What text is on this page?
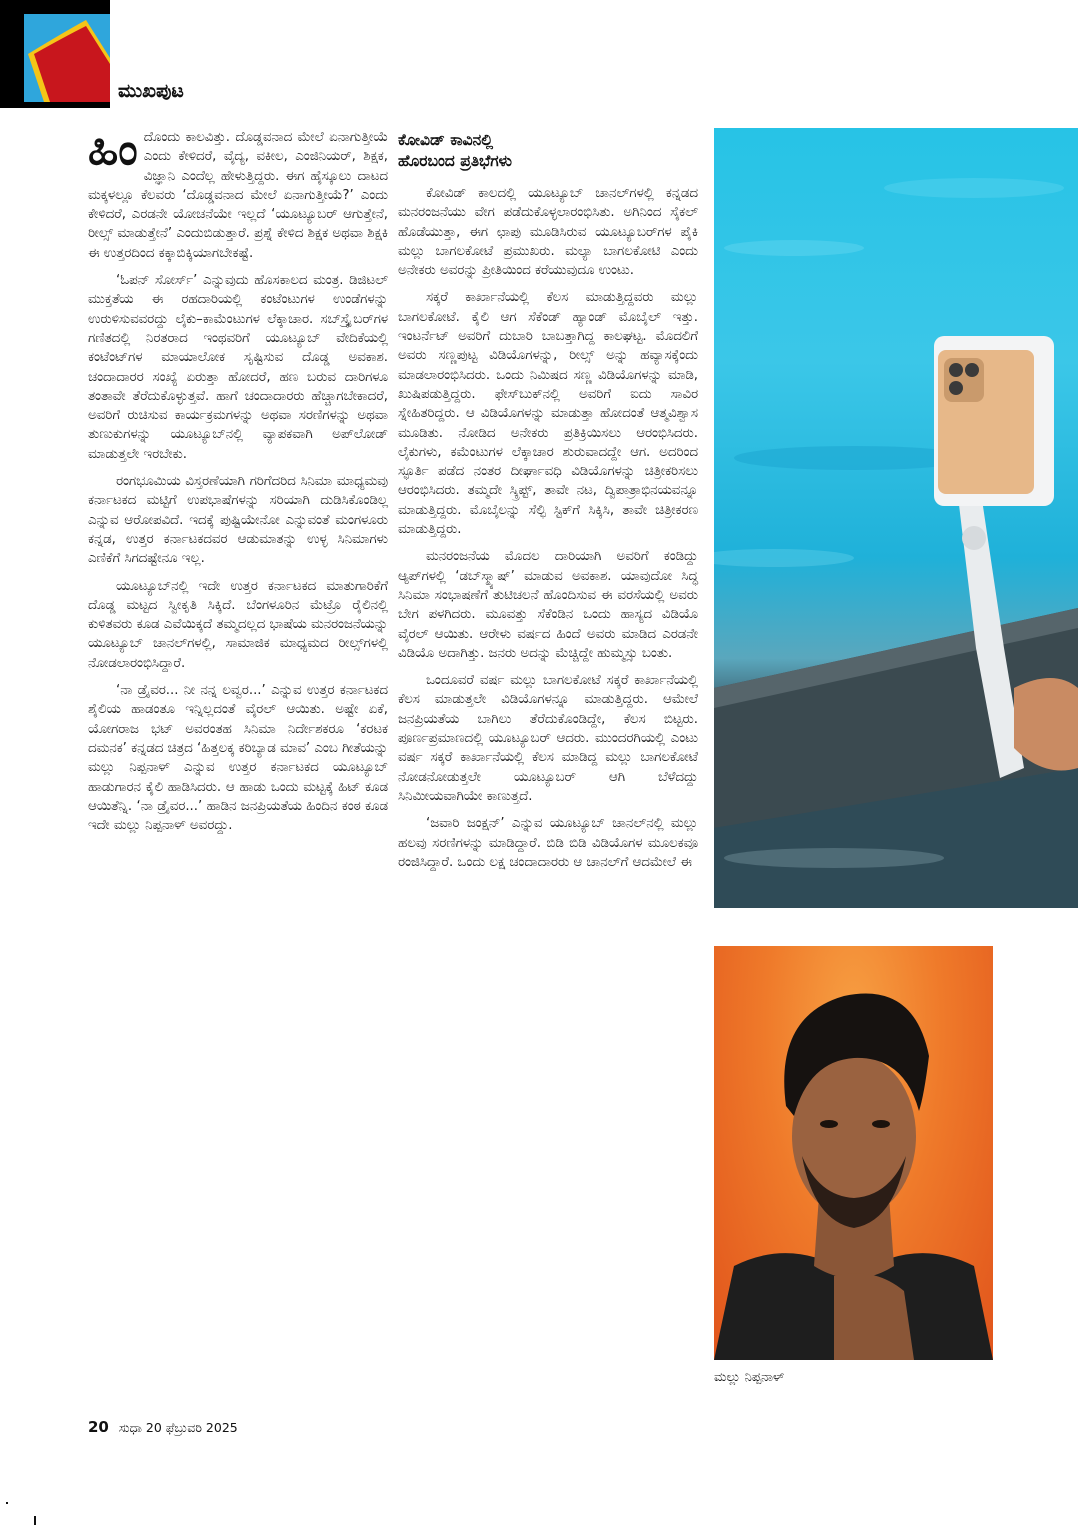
ಮುಖಪುಟ

ಹಿಂ ದೊಂದು ಕಾಲವಿತ್ತು. ದೊಡ್ಡವನಾದ ಮೇಲೆ ಏನಾಗುತ್ತೀಯೆ ಎಂದು ಕೇಳಿದರೆ, ವೈದ್ಯ, ವಕೀಲ, ಎಂಜಿನಿಯರ್, ಶಿಕ್ಷಕ, ವಿಜ್ಞಾನಿ ಎಂದೆಲ್ಲ ಹೇಳುತ್ತಿದ್ದರು. ಈಗ ಹೈಸ್ಕೂಲು ದಾಟದ ಮಕ್ಕಳಲ್ಲೂ ಕೆಲವರು ‘ದೊಡ್ಡವನಾದ ಮೇಲೆ ಏನಾಗುತ್ತೀಯೆ?’ ಎಂದು ಕೇಳಿದರೆ, ಎರಡನೇ ಯೋಚನೆಯೇ ಇಲ್ಲದೆ ‘ಯೂಟ್ಯೂಬರ್ ಆಗುತ್ತೇನೆ, ರೀಲ್ಸ್ ಮಾಡುತ್ತೇನೆ’ ಎಂದುಬಿಡುತ್ತಾರೆ. ಪ್ರಶ್ನೆ ಕೇಳಿದ ಶಿಕ್ಷಕ ಅಥವಾ ಶಿಕ್ಷಕಿ ಈ ಉತ್ತರದಿಂದ ಕಕ್ಕಾಬಿಕ್ಕಿಯಾಗಬೇಕಷ್ಟೆ.

‘ಓಪನ್ ಸೋರ್ಸ್’ ಎನ್ನುವುದು ಹೊಸಕಾಲದ ಮಂತ್ರ. ಡಿಜಿಟಲ್ ಮುಕ್ತತೆಯ ಈ ರಹದಾರಿಯಲ್ಲಿ ಕಂಟೆಂಟುಗಳ ಉಂಡೆಗಳನ್ನು ಉರುಳಿಸುವವರದ್ದು ಲೈಕು–ಕಾಮೆಂಟುಗಳ ಲೆಕ್ಕಾಚಾರ. ಸಬ್‌ಸ್ಕ್ರೈಬರ್‌ಗಳ ಗಣಿತದಲ್ಲಿ ನಿರತರಾದ ಇಂಥವರಿಗೆ ಯೂಟ್ಯೂಬ್ ವೇದಿಕೆಯಲ್ಲಿ ಕಂಟೆಂಟ್‌ಗಳ ಮಾಯಾಲೋಕ ಸೃಷ್ಟಿಸುವ ದೊಡ್ಡ ಅವಕಾಶ. ಚಂದಾದಾರರ ಸಂಖ್ಯೆ ಏರುತ್ತಾ ಹೋದರೆ, ಹಣ ಬರುವ ದಾರಿಗಳೂ ತಂತಾವೇ ತೆರೆದುಕೊಳ್ಳುತ್ತವೆ. ಹಾಗೆ ಚಂದಾದಾರರು ಹೆಚ್ಚಾಗಬೇಕಾದರೆ, ಅವರಿಗೆ ರುಚಿಸುವ ಕಾರ್ಯಕ್ರಮಗಳನ್ನು ಅಥವಾ ಸರಣಿಗಳನ್ನು ಅಥವಾ ತುಣುಕುಗಳನ್ನು ಯೂಟ್ಯೂಬ್‌ನಲ್ಲಿ ವ್ಯಾಪಕವಾಗಿ ಅಪ್‌ಲೋಡ್ ಮಾಡುತ್ತಲೇ ಇರಬೇಕು.

ರಂಗಭೂಮಿಯ ವಿಸ್ತರಣೆಯಾಗಿ ಗರಿಗೆದರಿದ ಸಿನಿಮಾ ಮಾಧ್ಯಮವು ಕರ್ನಾಟಕದ ಮಟ್ಟಿಗೆ ಉಪಭಾಷೆಗಳನ್ನು ಸರಿಯಾಗಿ ದುಡಿಸಿಕೊಂಡಿಲ್ಲ ಎನ್ನುವ ಆರೋಪವಿದೆ. ಇದಕ್ಕೆ ಪುಷ್ಟಿಯೇನೋ ಎನ್ನುವಂತೆ ಮಂಗಳೂರು ಕನ್ನಡ, ಉತ್ತರ ಕರ್ನಾಟಕದವರ ಆಡುಮಾತನ್ನು ಉಳ್ಳ ಸಿನಿಮಾಗಳು ಎಣಿಕೆಗೆ ಸಿಗದಷ್ಟೇನೂ ಇಲ್ಲ.

ಯೂಟ್ಯೂಬ್‌ನಲ್ಲಿ ಇದೇ ಉತ್ತರ ಕರ್ನಾಟಕದ ಮಾತುಗಾರಿಕೆಗೆ ದೊಡ್ಡ ಮಟ್ಟದ ಸ್ವೀಕೃತಿ ಸಿಕ್ಕಿದೆ. ಬೆಂಗಳೂರಿನ ಮೆಟ್ರೊ ರೈಲಿನಲ್ಲಿ ಕುಳಿತವರು ಕೂಡ ಎವೆಯಿಕ್ಕದೆ ತಮ್ಮದಲ್ಲದ ಭಾಷೆಯ ಮನರಂಜನೆಯನ್ನು ಯೂಟ್ಯೂಬ್ ಚಾನಲ್‌ಗಳಲ್ಲಿ, ಸಾಮಾಜಿಕ ಮಾಧ್ಯಮದ ರೀಲ್ಸ್‌ಗಳಲ್ಲಿ ನೋಡಲಾರಂಭಿಸಿದ್ದಾರೆ.

‘ನಾ ಡ್ರೈವರ... ನೀ ನನ್ನ ಲವ್ವರ...’ ಎನ್ನುವ ಉತ್ತರ ಕರ್ನಾಟಕದ ಶೈಲಿಯ ಹಾಡಂತೂ ಇನ್ನಿಲ್ಲದಂತೆ ವೈರಲ್ ಆಯಿತು. ಅಷ್ಟೇ ಏಕೆ, ಯೋಗರಾಜ ಭಟ್ ಅವರಂತಹ ಸಿನಿಮಾ ನಿರ್ದೇಶಕರೂ ‘ಕರಟಕ ದಮನಕ’ ಕನ್ನಡದ ಚಿತ್ರದ ‘ಹಿತ್ತಲಕ್ಕ ಕರಿಬ್ಯಾಡ ಮಾವ’ ಎಂಬ ಗೀತೆಯನ್ನು ಮಲ್ಲು ನಿಪ್ಪನಾಳ್ ಎನ್ನುವ ಉತ್ತರ ಕರ್ನಾಟಕದ ಯೂಟ್ಯೂಬ್ ಹಾಡುಗಾರನ ಕೈಲಿ ಹಾಡಿಸಿದರು. ಆ ಹಾಡು ಒಂದು ಮಟ್ಟಕ್ಕೆ ಹಿಟ್ ಕೂಡ ಆಯಿತೆನ್ನಿ. ‘ನಾ ಡ್ರೈವರ...’ ಹಾಡಿನ ಜನಪ್ರಿಯತೆಯ ಹಿಂದಿನ ಕಂಠ ಕೂಡ ಇದೇ ಮಲ್ಲು ನಿಪ್ಪನಾಳ್ ಅವರದ್ದು.

ಕೋವಿಡ್ ಕಾವಿನಲ್ಲಿ
ಹೊರಬಂದ ಪ್ರತಿಭೆಗಳು

ಕೋವಿಡ್ ಕಾಲದಲ್ಲಿ ಯೂಟ್ಯೂಬ್ ಚಾನಲ್‌ಗಳಲ್ಲಿ ಕನ್ನಡದ ಮನರಂಜನೆಯು ವೇಗ ಪಡೆದುಕೊಳ್ಳಲಾರಂಭಿಸಿತು. ಅಗಿನಿಂದ ಸೈಕಲ್ ಹೊಡೆಯುತ್ತಾ, ಈಗ ಛಾಪು ಮೂಡಿಸಿರುವ ಯೂಟ್ಯೂಬರ್‌ಗಳ ಪೈಕಿ ಮಲ್ಲು ಬಾಗಲಕೋಟೆ ಪ್ರಮುಖರು. ಮಲ್ಯಾ ಬಾಗಲಕೋಟಿ ಎಂದು ಅನೇಕರು ಅವರನ್ನು ಪ್ರೀತಿಯಿಂದ ಕರೆಯುವುದೂ ಉಂಟು.

ಸಕ್ಕರೆ ಕಾರ್ಖಾನೆಯಲ್ಲಿ ಕೆಲಸ ಮಾಡುತ್ತಿದ್ದವರು ಮಲ್ಲು ಬಾಗಲಕೋಟೆ. ಕೈಲಿ ಆಗ ಸೆಕೆಂಡ್ ಹ್ಯಾಂಡ್ ಮೊಬೈಲ್ ಇತ್ತು. ಇಂಟರ್ನೆಟ್ ಅವರಿಗೆ ದುಬಾರಿ ಬಾಬತ್ತಾಗಿದ್ದ ಕಾಲಘಟ್ಟ. ಮೊದಲಿಗೆ ಅವರು ಸಣ್ಣಪುಟ್ಟ ವಿಡಿಯೊಗಳನ್ನು, ರೀಲ್ಸ್ ಅನ್ನು ಹವ್ಯಾಸಕ್ಕೆಂದು ಮಾಡಲಾರಂಭಿಸಿದರು. ಒಂದು ನಿಮಿಷದ ಸಣ್ಣ ವಿಡಿಯೊಗಳನ್ನು ಮಾಡಿ, ಖುಷಿಪಡುತ್ತಿದ್ದರು. ಫೇಸ್‌ಬುಕ್‌ನಲ್ಲಿ ಅವರಿಗೆ ಐದು ಸಾವಿರ ಸ್ನೇಹಿತರಿದ್ದರು. ಆ ವಿಡಿಯೊಗಳನ್ನು ಮಾಡುತ್ತಾ ಹೋದಂತೆ ಆತ್ಮವಿಶ್ವಾಸ ಮೂಡಿತು. ನೋಡಿದ ಅನೇಕರು ಪ್ರತಿಕ್ರಿಯಿಸಲು ಆರಂಭಿಸಿದರು. ಲೈಕುಗಳು, ಕಮೆಂಟುಗಳ ಲೆಕ್ಕಾಚಾರ ಶುರುವಾದದ್ದೇ ಆಗ. ಅದರಿಂದ ಸ್ಫೂರ್ತಿ ಪಡೆದ ನಂತರ ದೀರ್ಘಾವಧಿ ವಿಡಿಯೊಗಳನ್ನು ಚಿತ್ರೀಕರಿಸಲು ಆರಂಭಿಸಿದರು. ತಮ್ಮದೇ ಸ್ಕ್ರಿಪ್ಟ್, ತಾವೇ ನಟ, ದ್ವಿಪಾತ್ರಾಭಿನಯವನ್ನೂ ಮಾಡುತ್ತಿದ್ದರು. ಮೊಬೈಲನ್ನು ಸೆಲ್ಫಿ ಸ್ಟಿಕ್‌ಗೆ ಸಿಕ್ಕಿಸಿ, ತಾವೇ ಚಿತ್ರೀಕರಣ ಮಾಡುತ್ತಿದ್ದರು.

ಮನರಂಜನೆಯ ಮೊದಲ ದಾರಿಯಾಗಿ ಅವರಿಗೆ ಕಂಡಿದ್ದು ಆ್ಯಪ್‌ಗಳಲ್ಲಿ ‘ಡಬ್‌ಸ್ಮ್ಯಾಷ್’ ಮಾಡುವ ಅವಕಾಶ. ಯಾವುದೋ ಸಿದ್ಧ ಸಿನಿಮಾ ಸಂಭಾಷಣೆಗೆ ತುಟಿಚಲನೆ ಹೊಂದಿಸುವ ಈ ವರಸೆಯಲ್ಲಿ ಅವರು ಬೇಗ ಪಳಗಿದರು. ಮೂವತ್ತು ಸೆಕೆಂಡಿನ ಒಂದು ಹಾಸ್ಯದ ವಿಡಿಯೊ ವೈರಲ್ ಆಯಿತು. ಆರೇಳು ವರ್ಷದ ಹಿಂದೆ ಅವರು ಮಾಡಿದ ಎರಡನೇ ವಿಡಿಯೊ ಅದಾಗಿತ್ತು. ಜನರು ಅದನ್ನು ಮೆಚ್ಚಿದ್ದೇ ಹುಮ್ಮಸ್ಸು ಬಂತು.

ಒಂದೂವರೆ ವರ್ಷ ಮಲ್ಲು ಬಾಗಲಕೋಟೆ ಸಕ್ಕರೆ ಕಾರ್ಖಾನೆಯಲ್ಲಿ ಕೆಲಸ ಮಾಡುತ್ತಲೇ ವಿಡಿಯೊಗಳನ್ನೂ ಮಾಡುತ್ತಿದ್ದರು. ಆಮೇಲೆ ಜನಪ್ರಿಯತೆಯ ಬಾಗಿಲು ತೆರೆದುಕೊಂಡಿದ್ದೇ, ಕೆಲಸ ಬಿಟ್ಟರು. ಪೂರ್ಣಪ್ರಮಾಣದಲ್ಲಿ ಯೂಟ್ಯೂಬರ್ ಆದರು. ಮುಂದರಗಿಯಲ್ಲಿ ಎಂಟು ವರ್ಷ ಸಕ್ಕರೆ ಕಾರ್ಖಾನೆಯಲ್ಲಿ ಕೆಲಸ ಮಾಡಿದ್ದ ಮಲ್ಲು ಬಾಗಲಕೋಟೆ ನೋಡನೋಡುತ್ತಲೇ ಯೂಟ್ಯೂಬರ್ ಆಗಿ ಬೆಳೆದದ್ದು ಸಿನಿಮೀಯವಾಗಿಯೇ ಕಾಣುತ್ತದೆ.

‘ಜವಾರಿ ಜಂಕ್ಷನ್’ ಎನ್ನುವ ಯೂಟ್ಯೂಬ್ ಚಾನಲ್‌ನಲ್ಲಿ ಮಲ್ಲು ಹಲವು ಸರಣಿಗಳನ್ನು ಮಾಡಿದ್ದಾರೆ. ಬಿಡಿ ಬಿಡಿ ವಿಡಿಯೊಗಳ ಮೂಲಕವೂ ರಂಜಿಸಿದ್ದಾರೆ. ಒಂದು ಲಕ್ಷ ಚಂದಾದಾರರು ಆ ಚಾನಲ್‌ಗೆ ಆದಮೇಲೆ ಈ

ಮಲ್ಲು ನಿಪ್ಪನಾಳ್
20 ಸುಧಾ 20 ಫೆಬ್ರುವರಿ 2025
